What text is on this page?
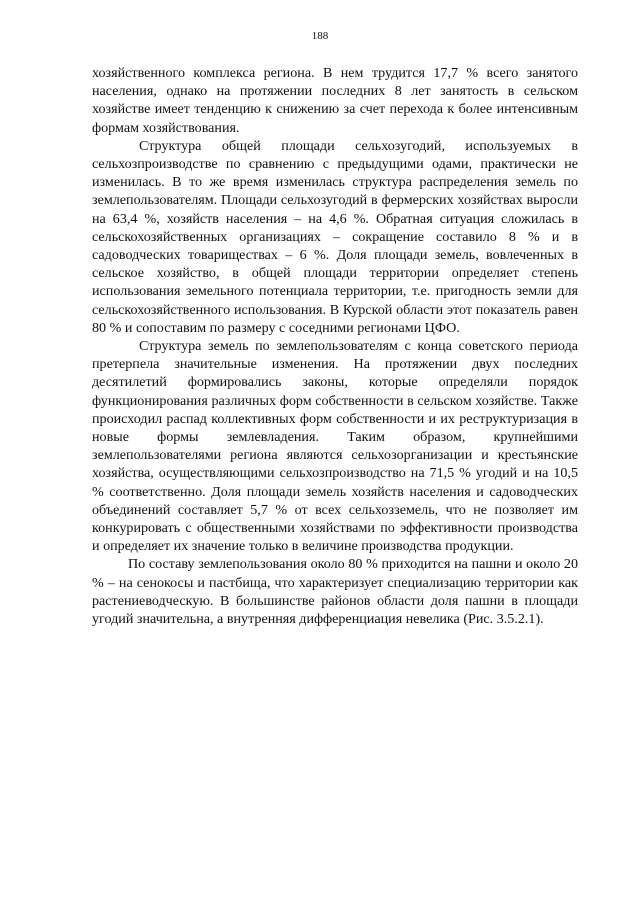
188

хозяйственного комплекса региона. В нем трудится 17,7 % всего занятого населения, однако на протяжении последних 8 лет занятость в сельском хозяйстве имеет тенденцию к снижению за счет перехода к более интенсивным формам хозяйствования.

Структура общей площади сельхозугодий, используемых в сельхозпроизводстве по сравнению с предыдущими одами, практически не изменилась. В то же время изменилась структура распределения земель по землепользователям. Площади сельхозугодий в фермерских хозяйствах выросли на 63,4 %, хозяйств населения – на 4,6 %. Обратная ситуация сложилась в сельскохозяйственных организациях – сокращение составило 8 % и в садоводческих товариществах – 6 %. Доля площади земель, вовлеченных в сельское хозяйство, в общей площади территории определяет степень использования земельного потенциала территории, т.е. пригодность земли для сельскохозяйственного использования. В Курской области этот показатель равен 80 % и сопоставим по размеру с соседними регионами ЦФО.

Структура земель по землепользователям с конца советского периода претерпела значительные изменения. На протяжении двух последних десятилетий формировались законы, которые определяли порядок функционирования различных форм собственности в сельском хозяйстве. Также происходил распад коллективных форм собственности и их реструктуризация в новые формы землевладения. Таким образом, крупнейшими землепользователями региона являются сельхозорганизации и крестьянские хозяйства, осуществляющими сельхозпроизводство на 71,5 % угодий и на 10,5 % соответственно. Доля площади земель хозяйств населения и садоводческих объединений составляет 5,7 % от всех сельхозземель, что не позволяет им конкурировать с общественными хозяйствами по эффективности производства и определяет их значение только в величине производства продукции.

По составу землепользования около 80 % приходится на пашни и около 20 % – на сенокосы и пастбища, что характеризует специализацию территории как растениеводческую. В большинстве районов области доля пашни в площади угодий значительна, а внутренняя дифференциация невелика (Рис. 3.5.2.1).
